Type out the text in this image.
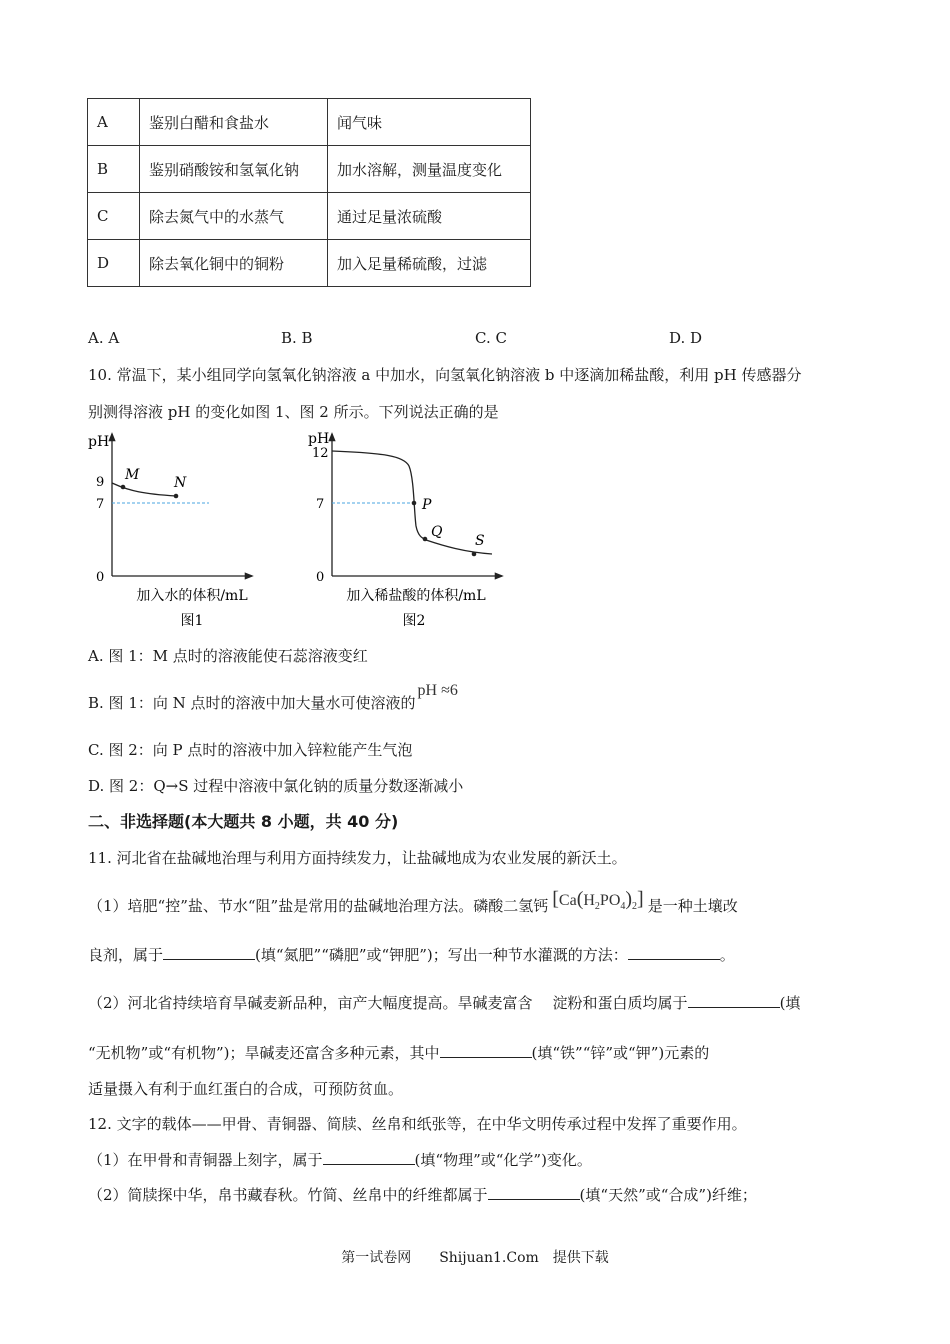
A	鉴别白醋和食盐水	闻气味
B	鉴别硝酸铵和氢氧化钠	加水溶解，测量温度变化
C	除去氮气中的水蒸气	通过足量浓硫酸
D	除去氧化铜中的铜粉	加入足量稀硫酸，过滤
A. A	B. B	C. C	D. D
10. 常温下，某小组同学向氢氧化钠溶液 a 中加水，向氢氧化钠溶液 b 中逐滴加稀盐酸，利用 pH 传感器分
别测得溶液 pH 的变化如图 1、图 2 所示。下列说法正确的是
pH
9
7
0
M N
加入水的体积/mL
图1
pH
12
7
0
P
Q
S
加入稀盐酸的体积/mL
图2
A. 图 1：M 点时的溶液能使石蕊溶液变红
B. 图 1：向 N 点时的溶液中加大量水可使溶液的pH ≈6
C. 图 2：向 P 点时的溶液中加入锌粒能产生气泡
D. 图 2：Q→S 过程中溶液中氯化钠的质量分数逐渐减小
二、非选择题(本大题共 8 小题，共 40 分)
11. 河北省在盐碱地治理与利用方面持续发力，让盐碱地成为农业发展的新沃土。
（1）培肥“控”盐、节水“阻”盐是常用的盐碱地治理方法。磷酸二氢钙 $[Ca(H_2PO_4)_2]$ 是一种土壤改
良剂，属于	(填“氮肥”“磷肥”或“钾肥”)；写出一种节水灌溉的方法：	。
（2）河北省持续培育旱碱麦新品种，亩产大幅度提高。旱碱麦富含 淀粉和蛋白质均属于	(填
“无机物”或“有机物”)；旱碱麦还富含多种元素，其中	(填“铁”“锌”或“钾”)元素的
适量摄入有利于血红蛋白的合成，可预防贫血。
12. 文字的载体——甲骨、青铜器、简牍、丝帛和纸张等，在中华文明传承过程中发挥了重要作用。
（1）在甲骨和青铜器上刻字，属于	(填“物理”或“化学”)变化。
（2）简牍探中华，帛书藏春秋。竹简、丝帛中的纤维都属于	(填“天然”或“合成”)纤维；
第一试卷网　　Shijuan1.Com　提供下载
